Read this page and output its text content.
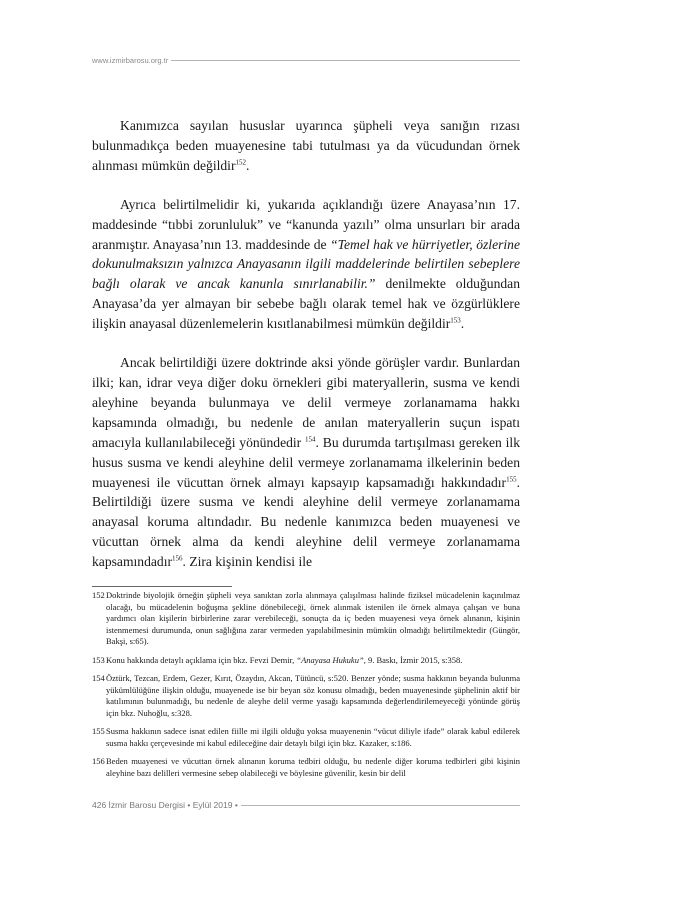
www.izmirbarosu.org.tr

Kanımızca sayılan hususlar uyarınca şüpheli veya sanığın rızası bulunmadıkça beden muayenesine tabi tutulması ya da vücudundan örnek alınması mümkün değildir$^{152}$.

Ayrıca belirtilmelidir ki, yukarıda açıklandığı üzere Anayasa’nın 17. maddesinde “tıbbi zorunluluk” ve “kanunda yazılı” olma unsurları bir arada aranmıştır. Anayasa’nın 13. maddesinde de “Temel hak ve hürriyetler, özlerine dokunulmaksızın yalnızca Anayasanın ilgili maddelerinde belirtilen sebeplere bağlı olarak ve ancak kanunla sınırlanabilir.” denilmekte olduğundan Anayasa’da yer almayan bir sebebe bağlı olarak temel hak ve özgürlüklere ilişkin anayasal düzenlemelerin kısıtlanabilmesi mümkün değildir$^{153}$.

Ancak belirtildiği üzere doktrinde aksi yönde görüşler vardır. Bunlardan ilki; kan, idrar veya diğer doku örnekleri gibi materyallerin, susma ve kendi aleyhine beyanda bulunmaya ve delil vermeye zorlanamama hakkı kapsamında olmadığı, bu nedenle de anılan materyallerin suçun ispatı amacıyla kullanılabileceği yönündedir $^{154}$. Bu durumda tartışılması gereken ilk husus susma ve kendi aleyhine delil vermeye zorlanamama ilkelerinin beden muayenesi ile vücuttan örnek almayı kapsayıp kapsamadığı hakkındadır$^{155}$. Belirtildiği üzere susma ve kendi aleyhine delil vermeye zorlanamama anayasal koruma altındadır. Bu nedenle kanımızca beden muayenesi ve vücuttan örnek alma da kendi aleyhine delil vermeye zorlanamama kapsamındadır$^{156}$. Zira kişinin kendisi ile

152 Doktrinde biyolojik örneğin şüpheli veya sanıktan zorla alınmaya çalışılması halinde fiziksel mücadelenin kaçınılmaz olacağı, bu mücadelenin boğuşma şekline dönebileceği, örnek alınmak istenilen ile örnek almaya çalışan ve buna yardımcı olan kişilerin birbirlerine zarar verebileceği, sonuçta da iç beden muayenesi veya örnek alınanın, kişinin istenmemesi durumunda, onun sağlığına zarar vermeden yapılabilmesinin mümkün olmadığı belirtilmektedir (Güngör, Bakşi, s:65).
153 Konu hakkında detaylı açıklama için bkz. Fevzi Demir, “Anayasa Hukuku”, 9. Baskı, İzmir 2015, s:358.
154 Öztürk, Tezcan, Erdem, Gezer, Kırıt, Özaydın, Akcan, Tütüncü, s:520. Benzer yönde; susma hakkının beyanda bulunma yükümlülüğüne ilişkin olduğu, muayenede ise bir beyan söz konusu olmadığı, beden muayenesinde şüphelinin aktif bir katılımının bulunmadığı, bu nedenle de aleyhe delil verme yasağı kapsamında değerlendirilemeyeceği yönünde görüş için bkz. Nuhoğlu, s:328.
155 Susma hakkının sadece isnat edilen fiille mi ilgili olduğu yoksa muayenenin “vücut diliyle ifade” olarak kabul edilerek susma hakkı çerçevesinde mi kabul edileceğine dair detaylı bilgi için bkz. Kazaker, s:186.
156 Beden muayenesi ve vücuttan örnek alınanın koruma tedbiri olduğu, bu nedenle diğer koruma tedbirleri gibi kişinin aleyhine bazı delilleri vermesine sebep olabileceği ve böylesine güvenilir, kesin bir delil
426 İzmir Barosu Dergisi • Eylül 2019 •
